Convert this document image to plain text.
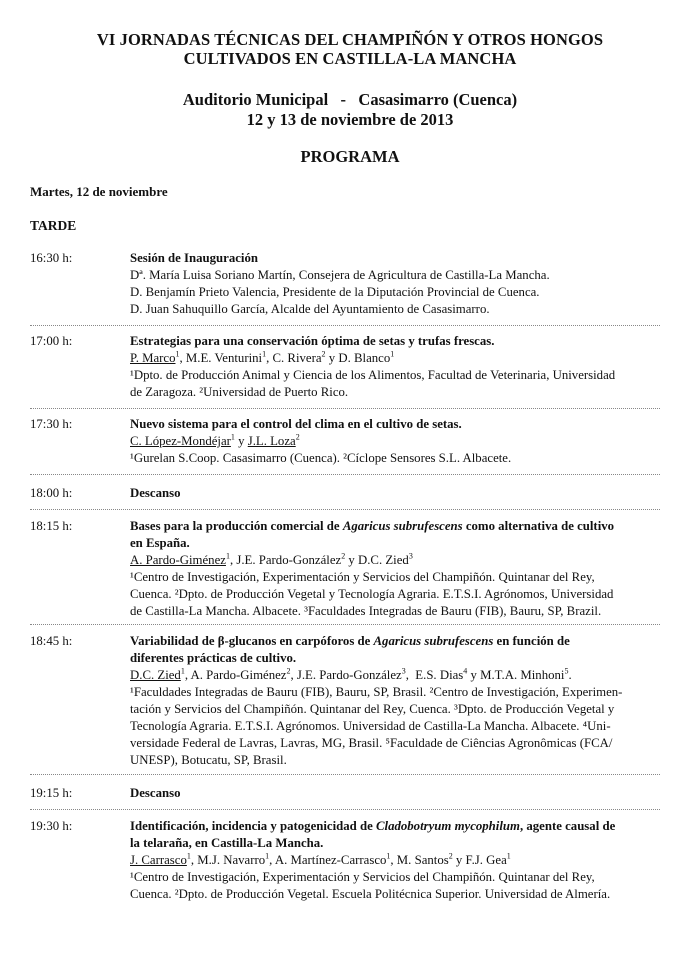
VI JORNADAS TÉCNICAS DEL CHAMPIÑÓN Y OTROS HONGOS
CULTIVADOS EN CASTILLA-LA MANCHA
Auditorio Municipal   -   Casasimarro (Cuenca)
12 y 13 de noviembre de 2013
PROGRAMA
Martes, 12 de noviembre
TARDE
16:30 h:	Sesión de Inauguración
Dª. María Luisa Soriano Martín, Consejera de Agricultura de Castilla-La Mancha.
D. Benjamín Prieto Valencia, Presidente de la Diputación Provincial de Cuenca.
D. Juan Sahuquillo García, Alcalde del Ayuntamiento de Casasimarro.
17:00 h:	Estrategias para una conservación óptima de setas y trufas frescas.
P. Marco$^1$, M.E. Venturini$^1$, C. Rivera$^2$ y D. Blanco$^1$
¹Dpto. de Producción Animal y Ciencia de los Alimentos, Facultad de Veterinaria, Universidad
de Zaragoza. ²Universidad de Puerto Rico.
17:30 h:	Nuevo sistema para el control del clima en el cultivo de setas.
C. López-Mondéjar$^1$ y J.L. Loza$^2$
¹Gurelan S.Coop. Casasimarro (Cuenca). ²Cíclope Sensores S.L. Albacete.
18:00 h:	Descanso
18:15 h:	Bases para la producción comercial de Agaricus subrufescens como alternativa de cultivo
en España.
A. Pardo-Giménez$^1$, J.E. Pardo-González$^2$ y D.C. Zied$^3$
¹Centro de Investigación, Experimentación y Servicios del Champiñón. Quintanar del Rey,
Cuenca. ²Dpto. de Producción Vegetal y Tecnología Agraria. E.T.S.I. Agrónomos, Universidad
de Castilla-La Mancha. Albacete. ³Faculdades Integradas de Bauru (FIB), Bauru, SP, Brazil.
18:45 h:	Variabilidad de β-glucanos en carpóforos de Agaricus subrufescens en función de
diferentes prácticas de cultivo.
D.C. Zied$^1$, A. Pardo-Giménez$^2$, J.E. Pardo-González$^3$,  E.S. Dias$^4$ y M.T.A. Minhoni$^5$.
¹Faculdades Integradas de Bauru (FIB), Bauru, SP, Brasil. ²Centro de Investigación, Experimen-
tación y Servicios del Champiñón. Quintanar del Rey, Cuenca. ³Dpto. de Producción Vegetal y
Tecnología Agraria. E.T.S.I. Agrónomos. Universidad de Castilla-La Mancha. Albacete. ⁴Uni-
versidade Federal de Lavras, Lavras, MG, Brasil. ⁵Faculdade de Ciências Agronômicas (FCA/
UNESP), Botucatu, SP, Brasil.
19:15 h:	Descanso
19:30 h:	Identificación, incidencia y patogenicidad de Cladobotryum mycophilum, agente causal de
la telaraña, en Castilla-La Mancha.
J. Carrasco$^1$, M.J. Navarro$^1$, A. Martínez-Carrasco$^1$, M. Santos$^2$ y F.J. Gea$^1$
¹Centro de Investigación, Experimentación y Servicios del Champiñón. Quintanar del Rey,
Cuenca. ²Dpto. de Producción Vegetal. Escuela Politécnica Superior. Universidad de Almería.
